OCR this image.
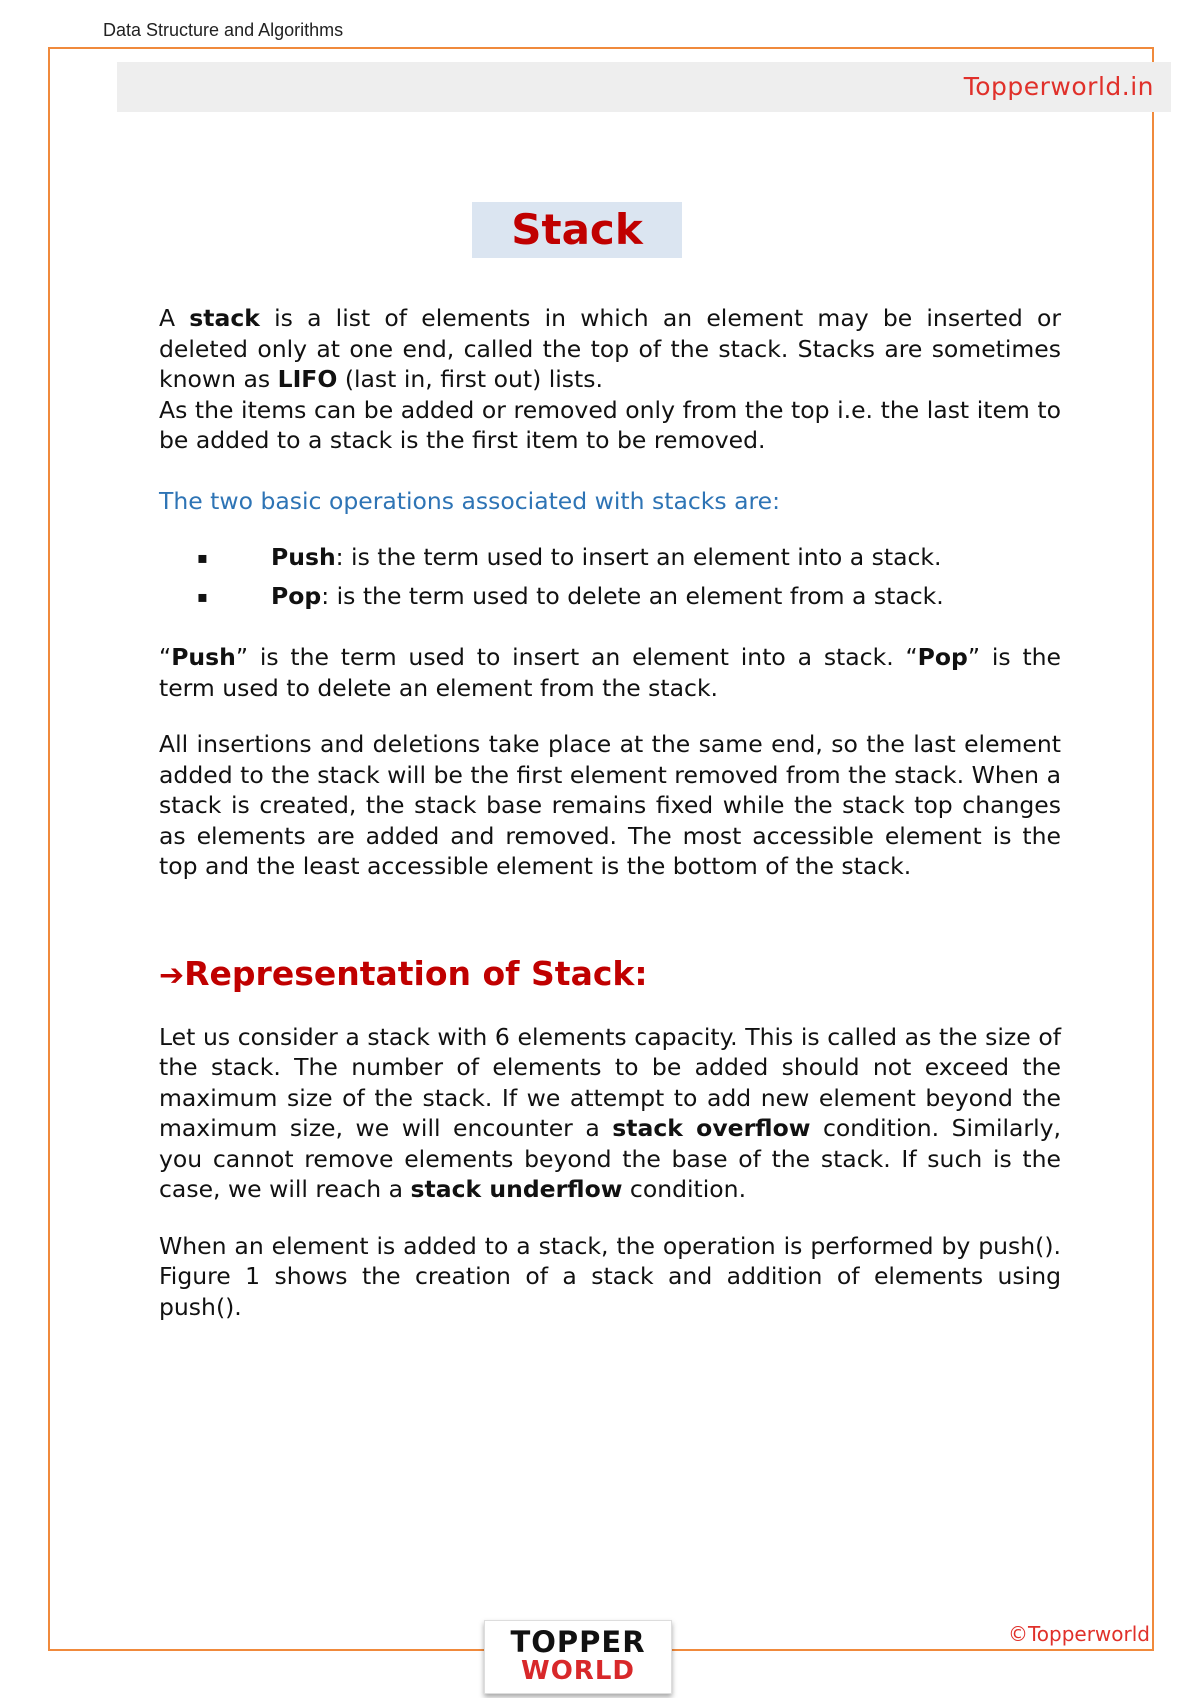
Data Structure and Algorithms
Topperworld.in
Stack

A stack is a list of elements in which an element may be inserted or deleted only at one end, called the top of the stack. Stacks are sometimes known as LIFO (last in, first out) lists.

As the items can be added or removed only from the top i.e. the last item to be added to a stack is the first item to be removed.

The two basic operations associated with stacks are:

▪	Push: is the term used to insert an element into a stack.
▪	Pop: is the term used to delete an element from a stack.

“Push” is the term used to insert an element into a stack. “Pop” is the term used to delete an element from the stack.

All insertions and deletions take place at the same end, so the last element added to the stack will be the first element removed from the stack. When a stack is created, the stack base remains fixed while the stack top changes as elements are added and removed. The most accessible element is the top and the least accessible element is the bottom of the stack.

➔Representation of Stack:

Let us consider a stack with 6 elements capacity. This is called as the size of the stack. The number of elements to be added should not exceed the maximum size of the stack. If we attempt to add new element beyond the maximum size, we will encounter a stack overflow condition. Similarly, you cannot remove elements beyond the base of the stack. If such is the case, we will reach a stack underflow condition.

When an element is added to a stack, the operation is performed by push(). Figure 1 shows the creation of a stack and addition of elements using push().

©Topperworld
TOPPER
WORLD
